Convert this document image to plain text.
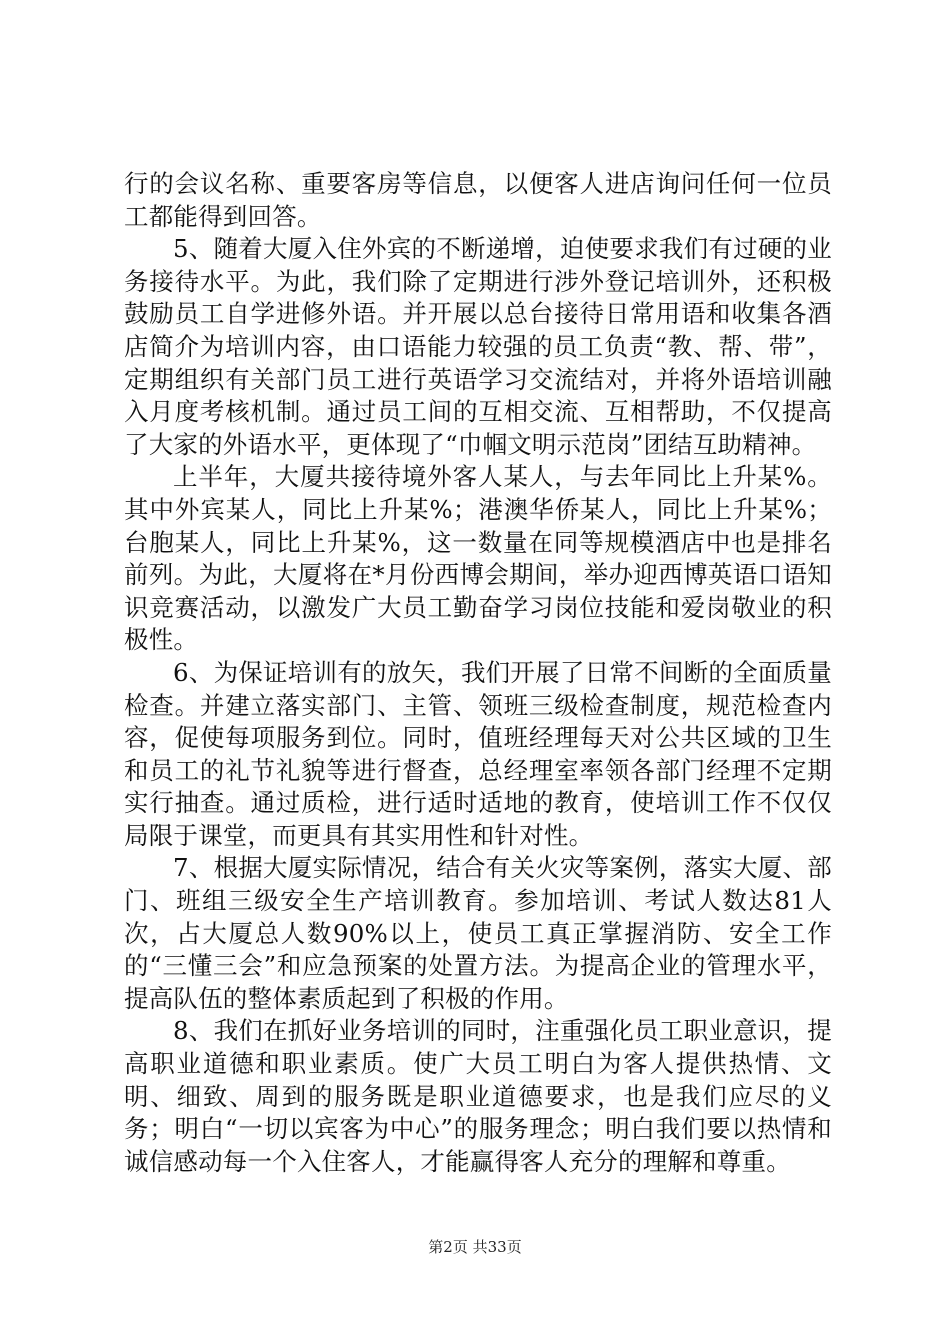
行的会议名称、重要客房等信息，以便客人进店询问任何一位员工都能得到回答。

5、随着大厦入住外宾的不断递增，迫使要求我们有过硬的业务接待水平。为此，我们除了定期进行涉外登记培训外，还积极鼓励员工自学进修外语。并开展以总台接待日常用语和收集各酒店简介为培训内容，由口语能力较强的员工负责“教、帮、带”，定期组织有关部门员工进行英语学习交流结对，并将外语培训融入月度考核机制。通过员工间的互相交流、互相帮助，不仅提高了大家的外语水平，更体现了“巾帼文明示范岗”团结互助精神。

上半年，大厦共接待境外客人某人，与去年同比上升某%。其中外宾某人，同比上升某%；港澳华侨某人，同比上升某%；台胞某人，同比上升某%，这一数量在同等规模酒店中也是排名前列。为此，大厦将在*月份西博会期间，举办迎西博英语口语知识竞赛活动，以激发广大员工勤奋学习岗位技能和爱岗敬业的积极性。

6、为保证培训有的放矢，我们开展了日常不间断的全面质量检查。并建立落实部门、主管、领班三级检查制度，规范检查内容，促使每项服务到位。同时，值班经理每天对公共区域的卫生和员工的礼节礼貌等进行督查，总经理室率领各部门经理不定期实行抽查。通过质检，进行适时适地的教育，使培训工作不仅仅局限于课堂，而更具有其实用性和针对性。

7、根据大厦实际情况，结合有关火灾等案例，落实大厦、部门、班组三级安全生产培训教育。参加培训、考试人数达81人次，占大厦总人数90%以上，使员工真正掌握消防、安全工作的“三懂三会”和应急预案的处置方法。为提高企业的管理水平，提高队伍的整体素质起到了积极的作用。

8、我们在抓好业务培训的同时，注重强化员工职业意识，提高职业道德和职业素质。使广大员工明白为客人提供热情、文明、细致、周到的服务既是职业道德要求，也是我们应尽的义务；明白“一切以宾客为中心”的服务理念；明白我们要以热情和诚信感动每一个入住客人，才能赢得客人充分的理解和尊重。

第2页 共33页
